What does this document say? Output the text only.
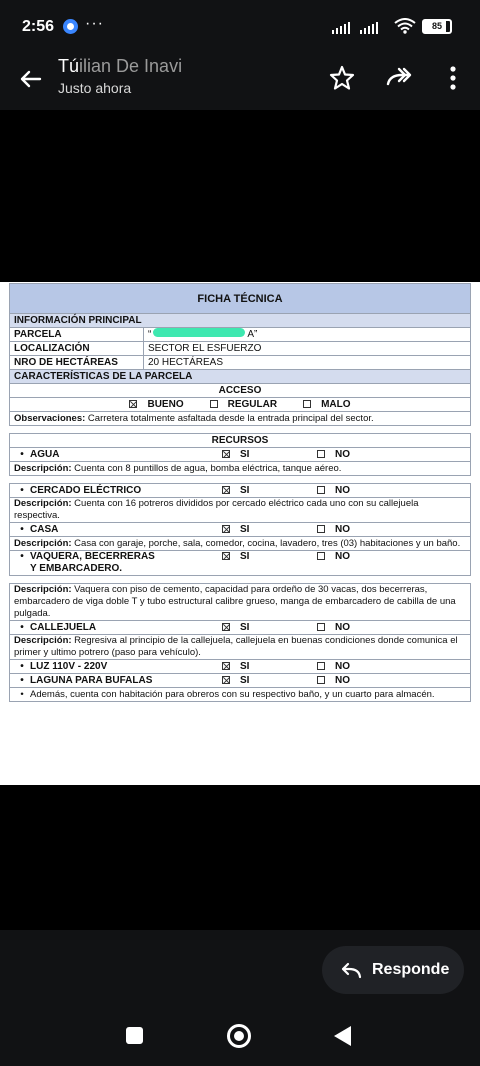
2:56 ···	85
Túilian De Inavi
Justo ahora
FICHA TÉCNICA	
INFORMACIÓN PRINCIPAL	
PARCELA	“ A”
LOCALIZACIÓN	SECTOR EL ESFUERZO
NRO DE HECTÁREAS	20 HECTÁREAS
CARACTERÍSTICAS DE LA PARCELA	
ACCESO	

BUENO REGULAR MALO	

Observaciones: Carretera totalmente asfaltada desde la entrada principal del sector.	

RECURSOS	

• AGUA SI NO	

Descripción: Cuenta con 8 puntillos de agua, bomba eléctrica, tanque aéreo.	

• CERCADO ELÉCTRICO SI NO	

Descripción: Cuenta con 16 potreros divididos por cercado eléctrico cada uno con su callejuela respectiva.	

• CASA SI NO	

Descripción: Casa con garaje, porche, sala, comedor, cocina, lavadero, tres (03) habitaciones y un baño.	

• VAQUERA, BECERRERAS
Y EMBARCADERO.
SI NO	

Descripción: Vaquera con piso de cemento, capacidad para ordeño de 30 vacas, dos becerreras, embarcadero de viga doble T y tubo estructural calibre grueso, manga de embarcadero de cabilla de una pulgada.	

• CALLEJUELA SI NO	

Descripción: Regresiva al principio de la callejuela, callejuela en buenas condiciones donde comunica el primer y ultimo potrero (paso para vehículo).	

• LUZ 110V - 220V SI NO	

• LAGUNA PARA BUFALAS SI NO	

• Además, cuenta con habitación para obreros con su respectivo baño, y un cuarto para almacén.	
Responde
